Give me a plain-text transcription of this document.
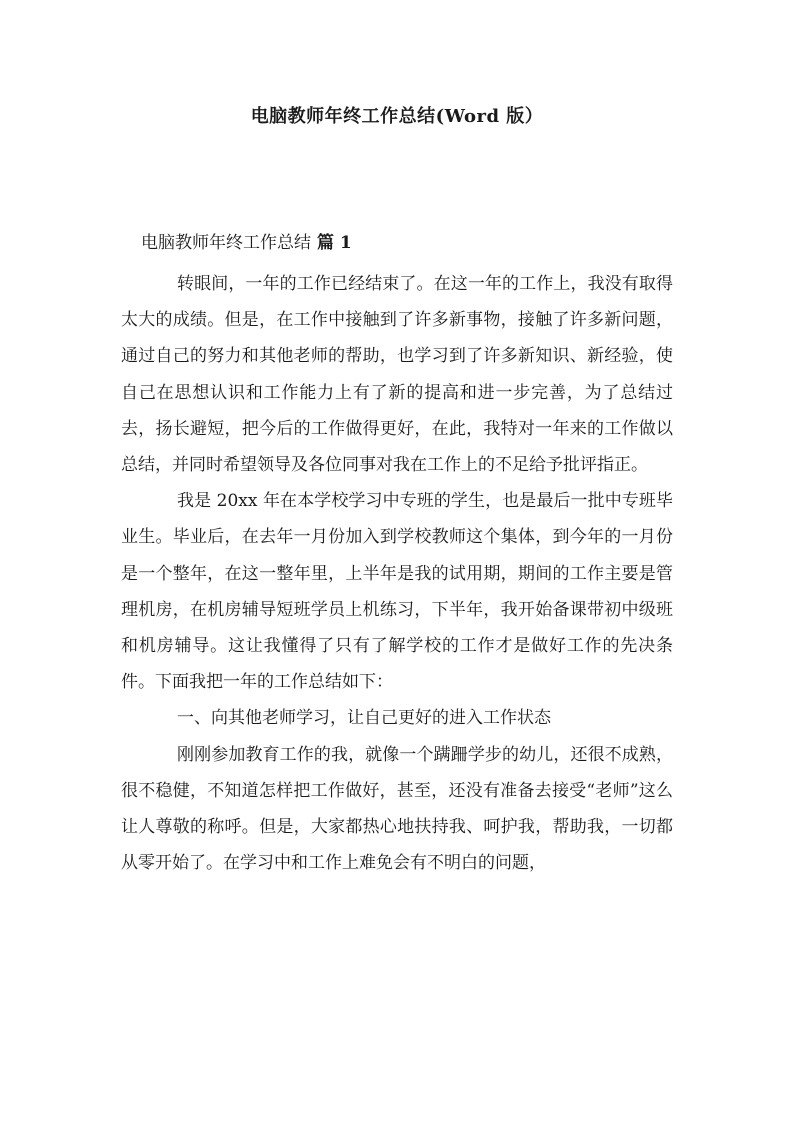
电脑教师年终工作总结(Word 版）
电脑教师年终工作总结 篇 1

转眼间，一年的工作已经结束了。在这一年的工作上，我没有取得太大的成绩。但是，在工作中接触到了许多新事物，接触了许多新问题，通过自己的努力和其他老师的帮助，也学习到了许多新知识、新经验，使自己在思想认识和工作能力上有了新的提高和进一步完善，为了总结过去，扬长避短，把今后的工作做得更好，在此，我特对一年来的工作做以总结，并同时希望领导及各位同事对我在工作上的不足给予批评指正。

我是 20xx 年在本学校学习中专班的学生，也是最后一批中专班毕业生。毕业后，在去年一月份加入到学校教师这个集体，到今年的一月份是一个整年，在这一整年里，上半年是我的试用期，期间的工作主要是管理机房，在机房辅导短班学员上机练习，下半年，我开始备课带初中级班和机房辅导。这让我懂得了只有了解学校的工作才是做好工作的先决条件。下面我把一年的工作总结如下：

一、向其他老师学习，让自己更好的进入工作状态

刚刚参加教育工作的我，就像一个蹒跚学步的幼儿，还很不成熟，很不稳健，不知道怎样把工作做好，甚至，还没有准备去接受“老师”这么让人尊敬的称呼。但是，大家都热心地扶持我、呵护我，帮助我，一切都从零开始了。在学习中和工作上难免会有不明白的问题，
